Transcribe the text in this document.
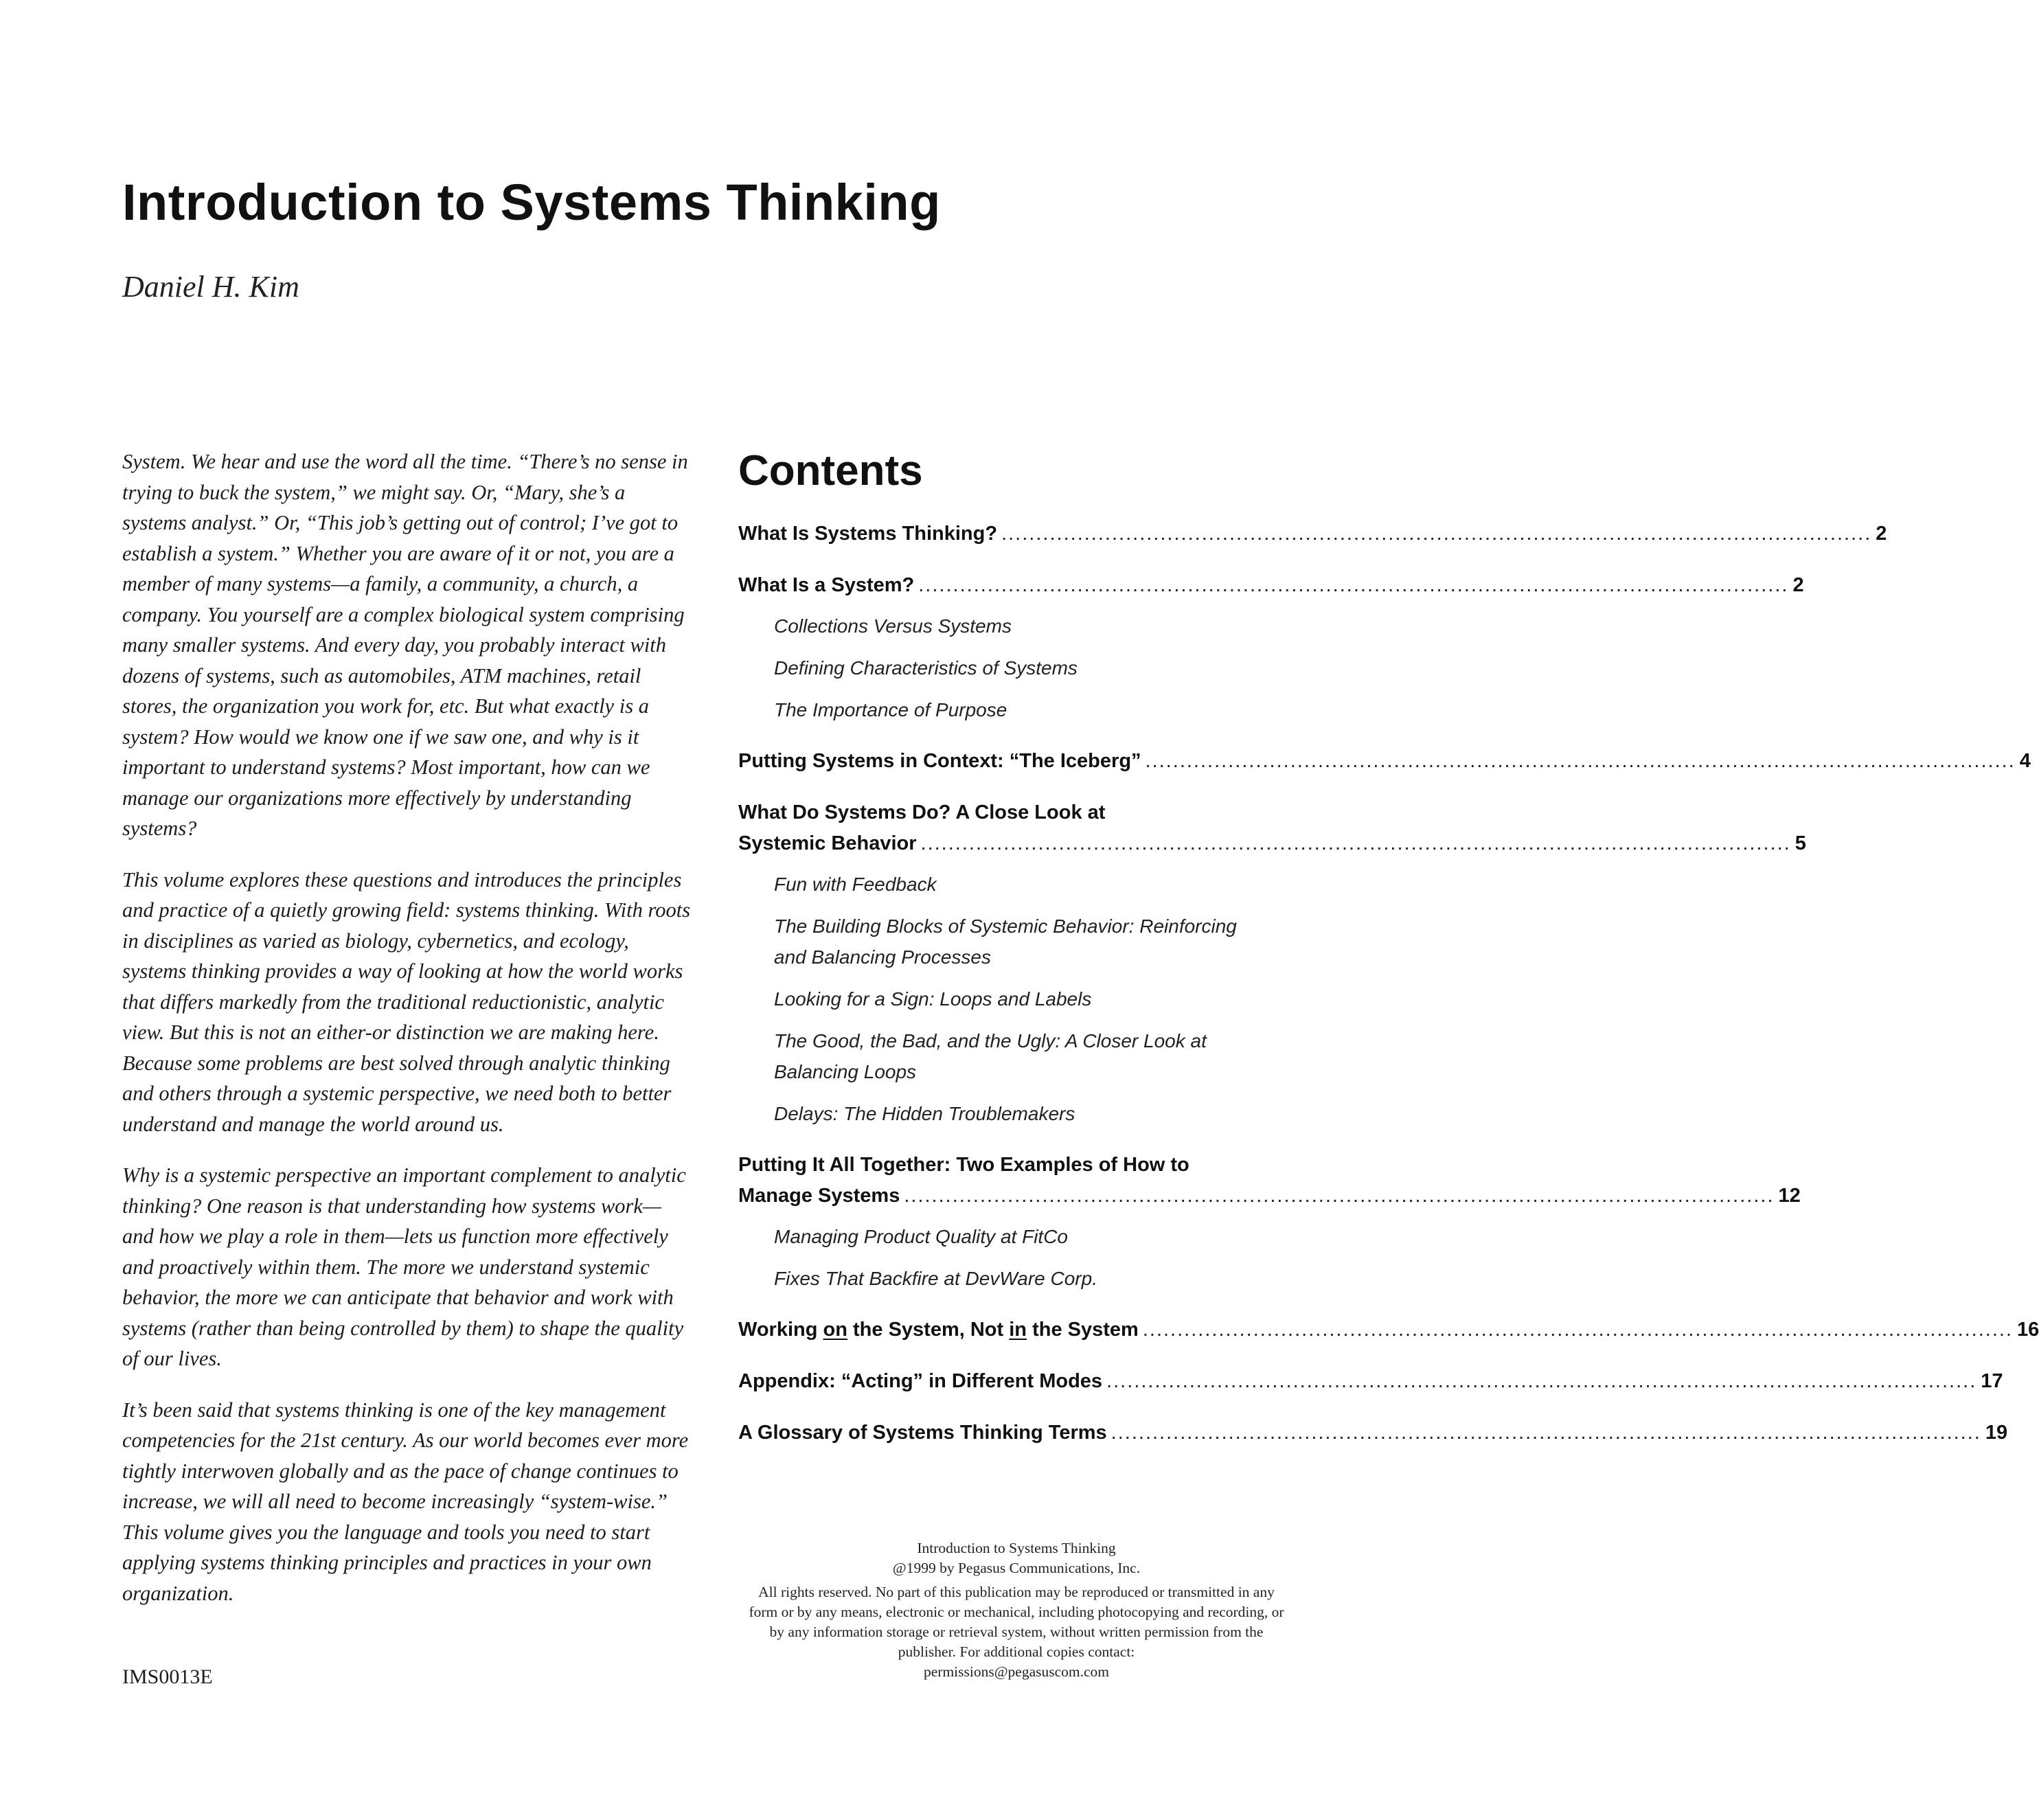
Introduction to Systems Thinking
Daniel H. Kim

System. We hear and use the word all the time. “There’s no sense in trying to buck the system,” we might say. Or, “Mary, she’s a systems analyst.” Or, “This job’s getting out of control; I’ve got to establish a system.” Whether you are aware of it or not, you are a member of many systems—a family, a community, a church, a company. You yourself are a complex biological system comprising many smaller systems. And every day, you probably interact with dozens of systems, such as automobiles, ATM machines, retail stores, the organization you work for, etc. But what exactly is a system? How would we know one if we saw one, and why is it important to understand systems? Most important, how can we manage our organizations more effectively by understanding systems?

This volume explores these questions and introduces the principles and practice of a quietly growing field: systems thinking. With roots in disciplines as varied as biology, cybernetics, and ecology, systems thinking provides a way of looking at how the world works that differs markedly from the traditional reductionistic, analytic view. But this is not an either-or distinction we are making here. Because some problems are best solved through analytic thinking and others through a systemic perspective, we need both to better understand and manage the world around us.

Why is a systemic perspective an important complement to analytic thinking? One reason is that understanding how systems work—and how we play a role in them—lets us function more effectively and proactively within them. The more we understand systemic behavior, the more we can anticipate that behavior and work with systems (rather than being controlled by them) to shape the quality of our lives.

It’s been said that systems thinking is one of the key management competencies for the 21st century. As our world becomes ever more tightly interwoven globally and as the pace of change continues to increase, we will all need to become increasingly “system-wise.” This volume gives you the language and tools you need to start applying systems thinking principles and practices in your own organization.

IMS0013E
Contents
What Is Systems Thinking? .............................................................................................................................. 2
What Is a System? .............................................................................................................................. 2
Collections Versus Systems
Defining Characteristics of Systems
The Importance of Purpose
Putting Systems in Context: “The Iceberg” .............................................................................................................................. 4
What Do Systems Do? A Close Look at
Systemic Behavior .............................................................................................................................. 5
Fun with Feedback
The Building Blocks of Systemic Behavior: Reinforcing and Balancing Processes
Looking for a Sign: Loops and Labels
The Good, the Bad, and the Ugly: A Closer Look at Balancing Loops
Delays: The Hidden Troublemakers
Putting It All Together: Two Examples of How to
Manage Systems .............................................................................................................................. 12
Managing Product Quality at FitCo
Fixes That Backfire at DevWare Corp.
Working on the System, Not in the System .............................................................................................................................. 16
Appendix: “Acting” in Different Modes .............................................................................................................................. 17
A Glossary of Systems Thinking Terms .............................................................................................................................. 19
Introduction to Systems Thinking
@1999 by Pegasus Communications, Inc.
All rights reserved. No part of this publication may be reproduced or transmitted in any form or by any means, electronic or mechanical, including photocopying and recording, or by any information storage or retrieval system, without written permission from the publisher. For additional copies contact:
permissions@pegasuscom.com
